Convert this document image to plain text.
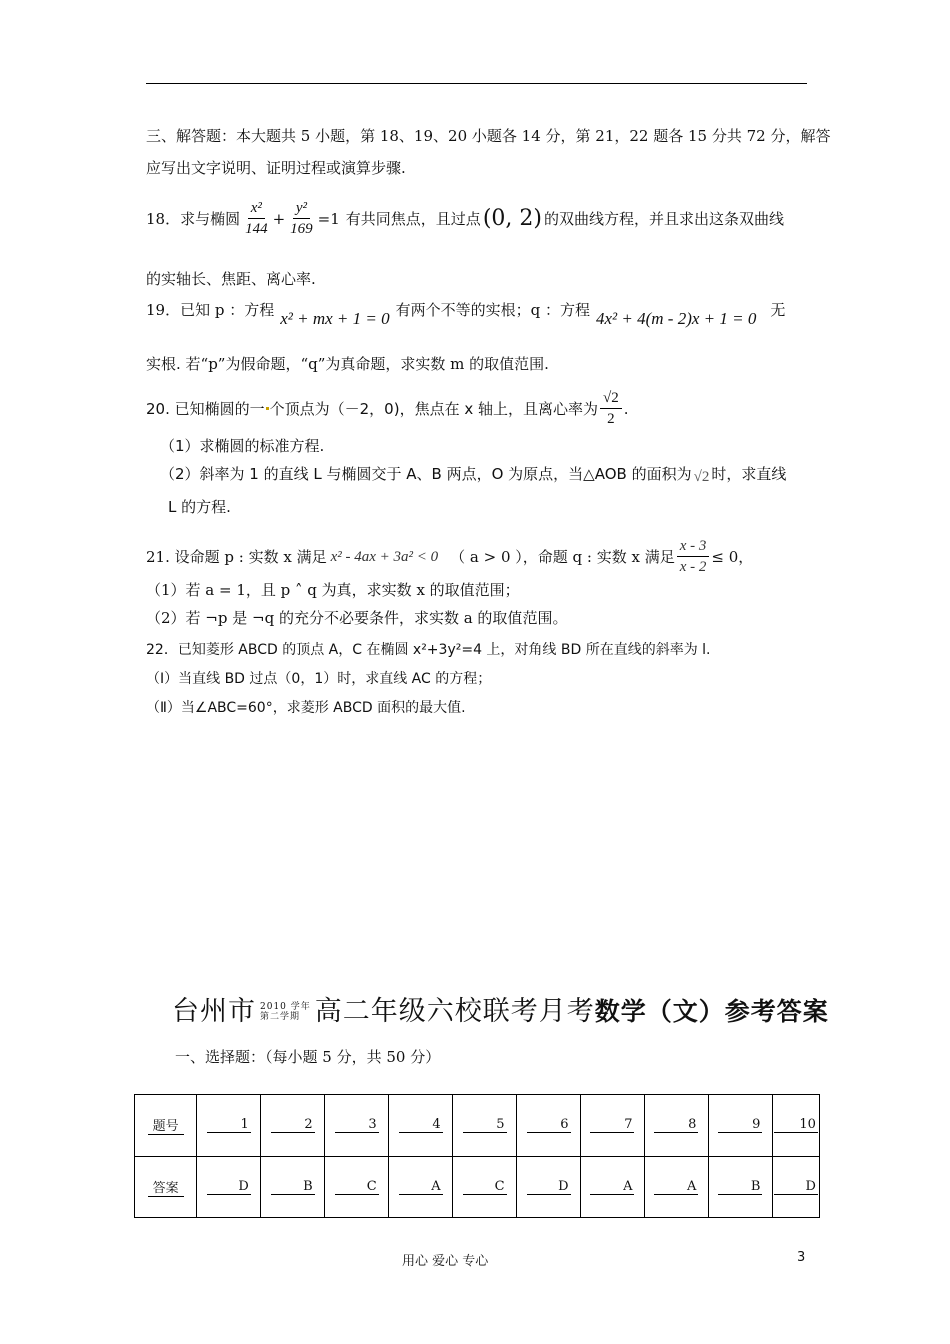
三、解答题：本大题共 5 小题，第 18、19、20 小题各 14 分，第 21，22 题各 15 分共 72 分，解答
应写出文字说明、证明过程或演算步骤.
18．求与椭圆 $\frac{\text{x²}}{144} + \frac{\text{y²}}{169} =1$ 有共同焦点，且过点 (0, 2) 的双曲线方程，并且求出这条双曲线
的实轴长、焦距、离心率.
19．已知 p ：方程 x² + mx + 1 = 0 有两个不等的实根；q ：方程 4x² + 4(m - 2)x + 1 = 0 无
实根. 若“p”为假命题，“q”为真命题，求实数 m 的取值范围.
20. 已知椭圆的一 个顶点为（－2，0)，焦点在 x 轴上，且离心率为 $\frac{√2}{2}$ .
（1）求椭圆的标准方程.
（2）斜率为 1 的直线 L 与椭圆交于 A、B 两点，O 为原点，当△AOB 的面积为 √2 时，求直线
L 的方程.
21. 设命题 p : 实数 x 满足 x² - 4ax + 3a² < 0 （ a > 0 ），命题 q : 实数 x 满足 $\frac{x - 3}{x - 2} \le 0$，
（1）若 a = 1，且 p ˄ q 为真，求实数 x 的取值范围；
（2）若 ¬p 是 ¬q 的充分不必要条件，求实数 a 的取值范围。
22．已知菱形 ABCD 的顶点 A，C 在椭圆 x²+3y²=4 上，对角线 BD 所在直线的斜率为 l.
（Ⅰ）当直线 BD 过点（0，1）时，求直线 AC 的方程；
（Ⅱ）当∠ABC=60°，求菱形 ABCD 面积的最大值.
台州市 2010 学年
第二学期 高二年级六校联考月考 数学（文）参考答案
一、选择题：（每小题 5 分，共 50 分）
题号	1	2	3	4	5	6	7	8	9	10
答案	D	B	C	A	C	D	A	A	B	D
用心 爱心 专心	3
